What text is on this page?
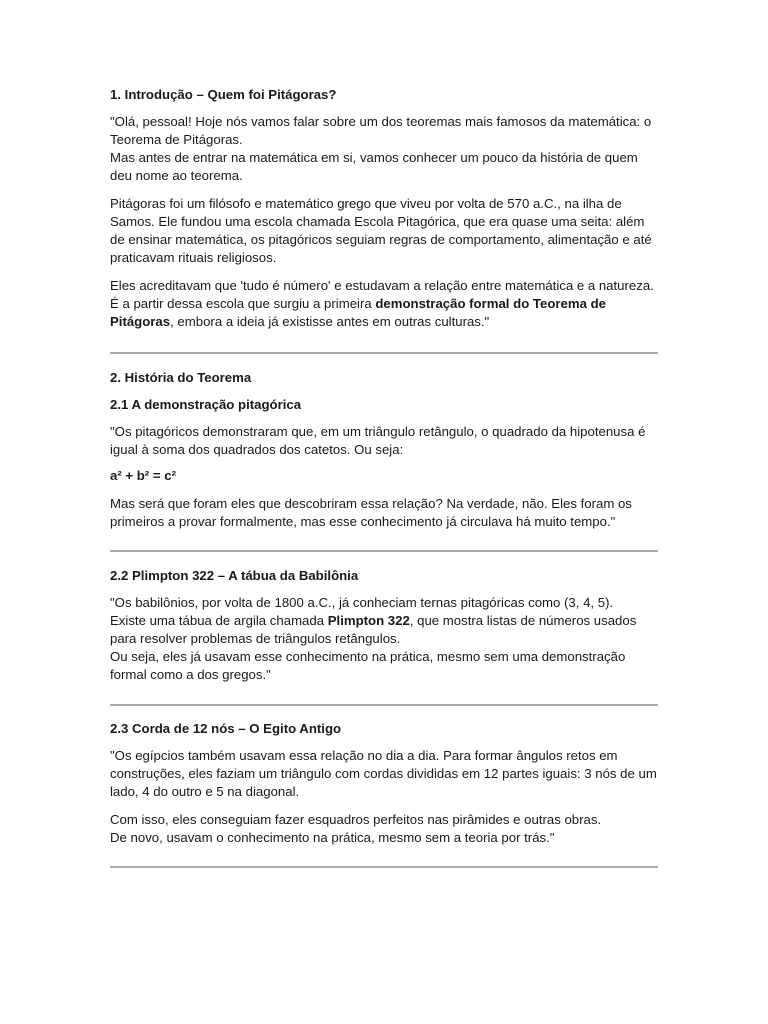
1. Introdução – Quem foi Pitágoras?

"Olá, pessoal! Hoje nós vamos falar sobre um dos teoremas mais famosos da matemática: o Teorema de Pitágoras.
Mas antes de entrar na matemática em si, vamos conhecer um pouco da história de quem deu nome ao teorema.

Pitágoras foi um filósofo e matemático grego que viveu por volta de 570 a.C., na ilha de Samos. Ele fundou uma escola chamada Escola Pitagórica, que era quase uma seita: além de ensinar matemática, os pitagóricos seguiam regras de comportamento, alimentação e até praticavam rituais religiosos.

Eles acreditavam que 'tudo é número' e estudavam a relação entre matemática e a natureza.
É a partir dessa escola que surgiu a primeira demonstração formal do Teorema de Pitágoras, embora a ideia já existisse antes em outras culturas."

2. História do Teorema
2.1 A demonstração pitagórica

"Os pitagóricos demonstraram que, em um triângulo retângulo, o quadrado da hipotenusa é igual à soma dos quadrados dos catetos. Ou seja:

a² + b² = c²

Mas será que foram eles que descobriram essa relação? Na verdade, não. Eles foram os primeiros a provar formalmente, mas esse conhecimento já circulava há muito tempo."

2.2 Plimpton 322 – A tábua da Babilônia

"Os babilônios, por volta de 1800 a.C., já conheciam ternas pitagóricas como (3, 4, 5).
Existe uma tábua de argila chamada Plimpton 322, que mostra listas de números usados para resolver problemas de triângulos retângulos.
Ou seja, eles já usavam esse conhecimento na prática, mesmo sem uma demonstração formal como a dos gregos."

2.3 Corda de 12 nós – O Egito Antigo

"Os egípcios também usavam essa relação no dia a dia. Para formar ângulos retos em construções, eles faziam um triângulo com cordas divididas em 12 partes iguais: 3 nós de um lado, 4 do outro e 5 na diagonal.

Com isso, eles conseguiam fazer esquadros perfeitos nas pirâmides e outras obras.
De novo, usavam o conhecimento na prática, mesmo sem a teoria por trás."
